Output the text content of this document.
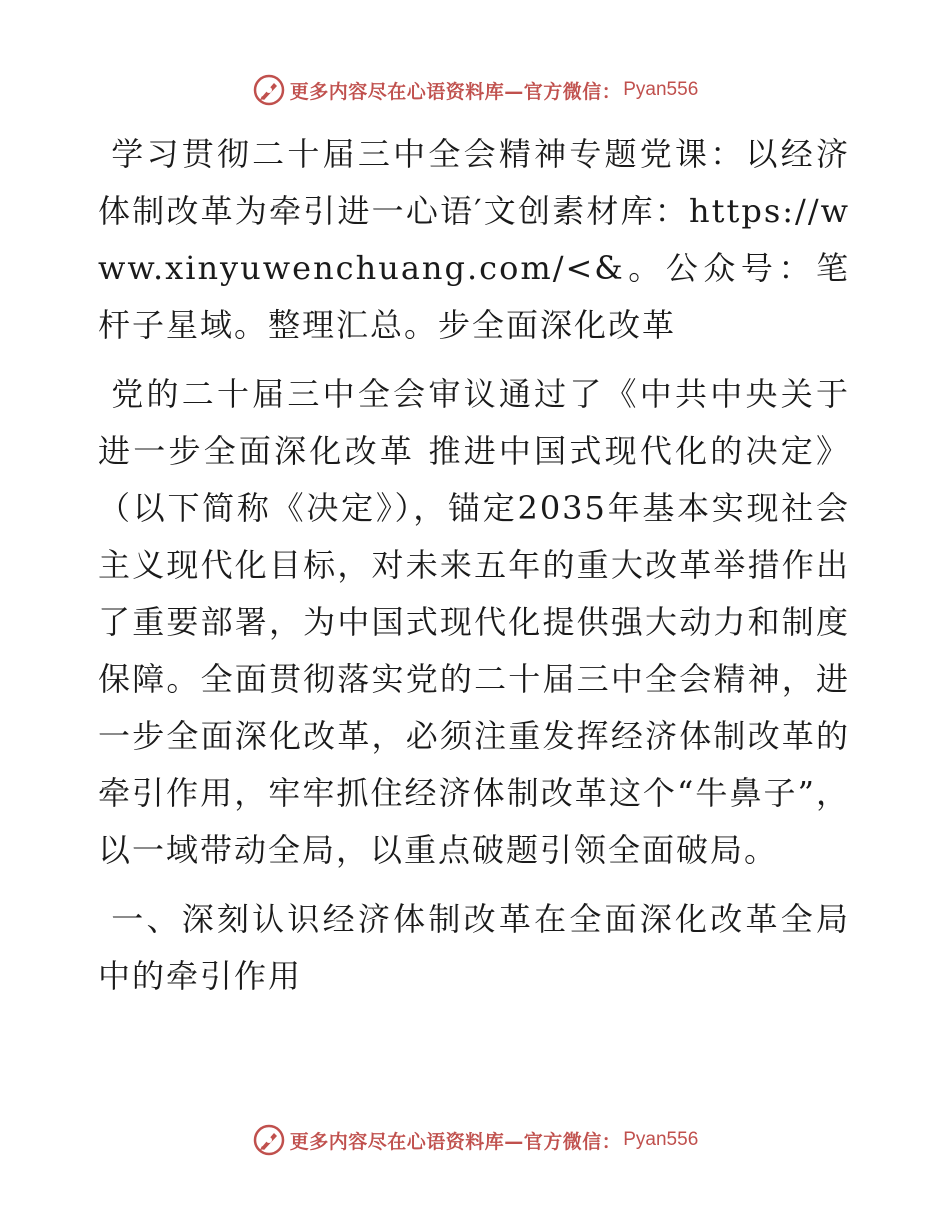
更多内容尽在心语资料库—官方微信： Pyan556

学习贯彻二十届三中全会精神专题党课：以经济体制改革为牵引进一心语′文创素材库：https://www.xinyuwenchuang.com/<&。公众号：笔杆子星域。整理汇总。步全面深化改革

党的二十届三中全会审议通过了《中共中央关于进一步全面深化改革 推进中国式现代化的决定》（以下简称《决定》），锚定2035年基本实现社会主义现代化目标，对未来五年的重大改革举措作出了重要部署，为中国式现代化提供强大动力和制度保障。全面贯彻落实党的二十届三中全会精神，进一步全面深化改革，必须注重发挥经济体制改革的牵引作用，牢牢抓住经济体制改革这个“牛鼻子”，以一域带动全局，以重点破题引领全面破局。

一、深刻认识经济体制改革在全面深化改革全局中的牵引作用

更多内容尽在心语资料库—官方微信： Pyan556
